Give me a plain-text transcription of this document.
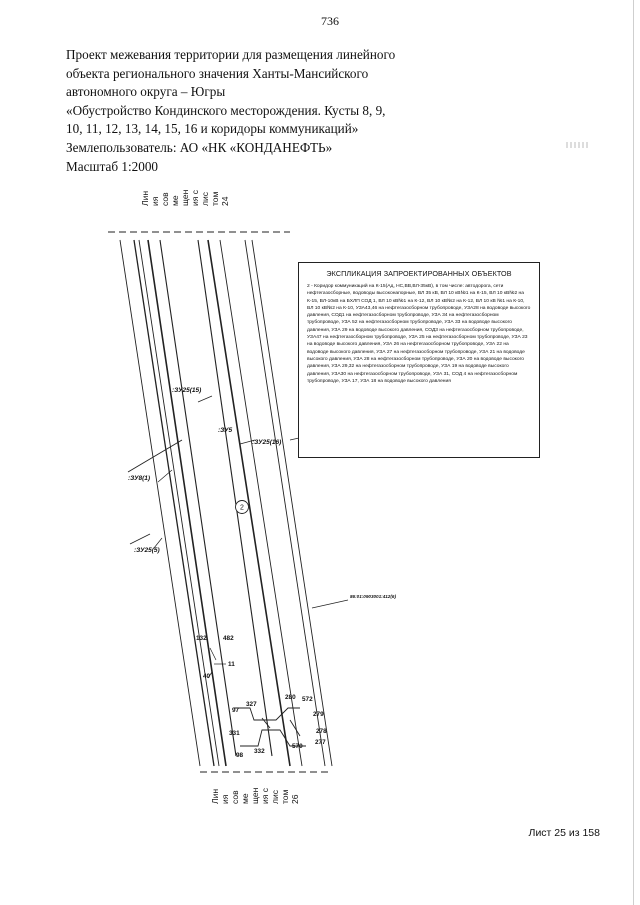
736
Проект межевания территории для размещения линейного
объекта регионального значения Ханты-Мансийского
автономного округа – Югры
«Обустройство Кондинского месторождения. Кусты 8, 9,
10, 11, 12, 13, 14, 15, 16 и коридоры коммуникаций»
Землепользователь: АО «НК «КОНДАНЕФТЬ»
Масштаб 1:2000
Лин ия сов ме щен ия с лис том 24
Лин ия сов ме щен ия с лис том 26
:ЗУ25(15)
:ЗУ5
:ЗУ25(16)
:ЗУ8(1)
:ЗУ25(5)
86:01:0903001:412(6)
2
132	482
11
40
327
97
280 572
279
331	278
570
277
98
332
ЭКСПЛИКАЦИЯ ЗАПРОЕКТИРОВАННЫХ ОБЪЕКТОВ
2 - Коридор коммуникаций на К-15(Ад, НС,ВВ,ВЛ-35кВ), в том числе: автодорога, сети нефтегазосборные, водоводы высоконапорные, ВЛ 35 кВ, ВЛ 10 кВ№1 на К-15, ВЛ 10 кВ№2 на К-15, ВЛ-10кВ на БХЛП СОД 1, ВЛ 10 кВ№1 на К-12, ВЛ 10 кВ№2 на К-12, ВЛ 10 кВ №1 на К-10, ВЛ 10 кВ№2 на К-10, УЗА43,46 на нефтегазосборном трубопроводе, УЗА28 на водоводе высокого давления, СОД1 на нефтегазосборном трубопроводе, УЗА 34 на нефтегазосборном трубопроводе, УЗА 52 на нефтегазосборном трубопроводе, УЗА 33 на водоводе высокого давления, УЗА 29 на водоводе высокого давления, СОД3 на нефтегазосборном трубопроводе, УЗА47 на нефтегазосборном трубопроводе, УЗА 25 на нефтегазосборном трубопроводе, УЗА 23 на водоводе высокого давления, УЗА 26 на нефтегазосборном трубопроводе, УЗА 22 на водоводе высокого давления, УЗА 27 на нефтегазосборном трубопроводе, УЗА 21 на водоводе высокого давления, УЗА 28 на нефтегазосборном трубопроводе, УЗА 20 на водоводе высокого давления, УЗА 29,32 на нефтегазосборном трубопроводе, УЗА 19 на водоводе высокого давления, УЗА30 на нефтегазосборном трубопроводе, УЗА 31, СОД 4 на нефтегазосборном трубопроводе, УЗА 17, УЗА 18 на водоводе высокого давления
Лист 25 из 158
